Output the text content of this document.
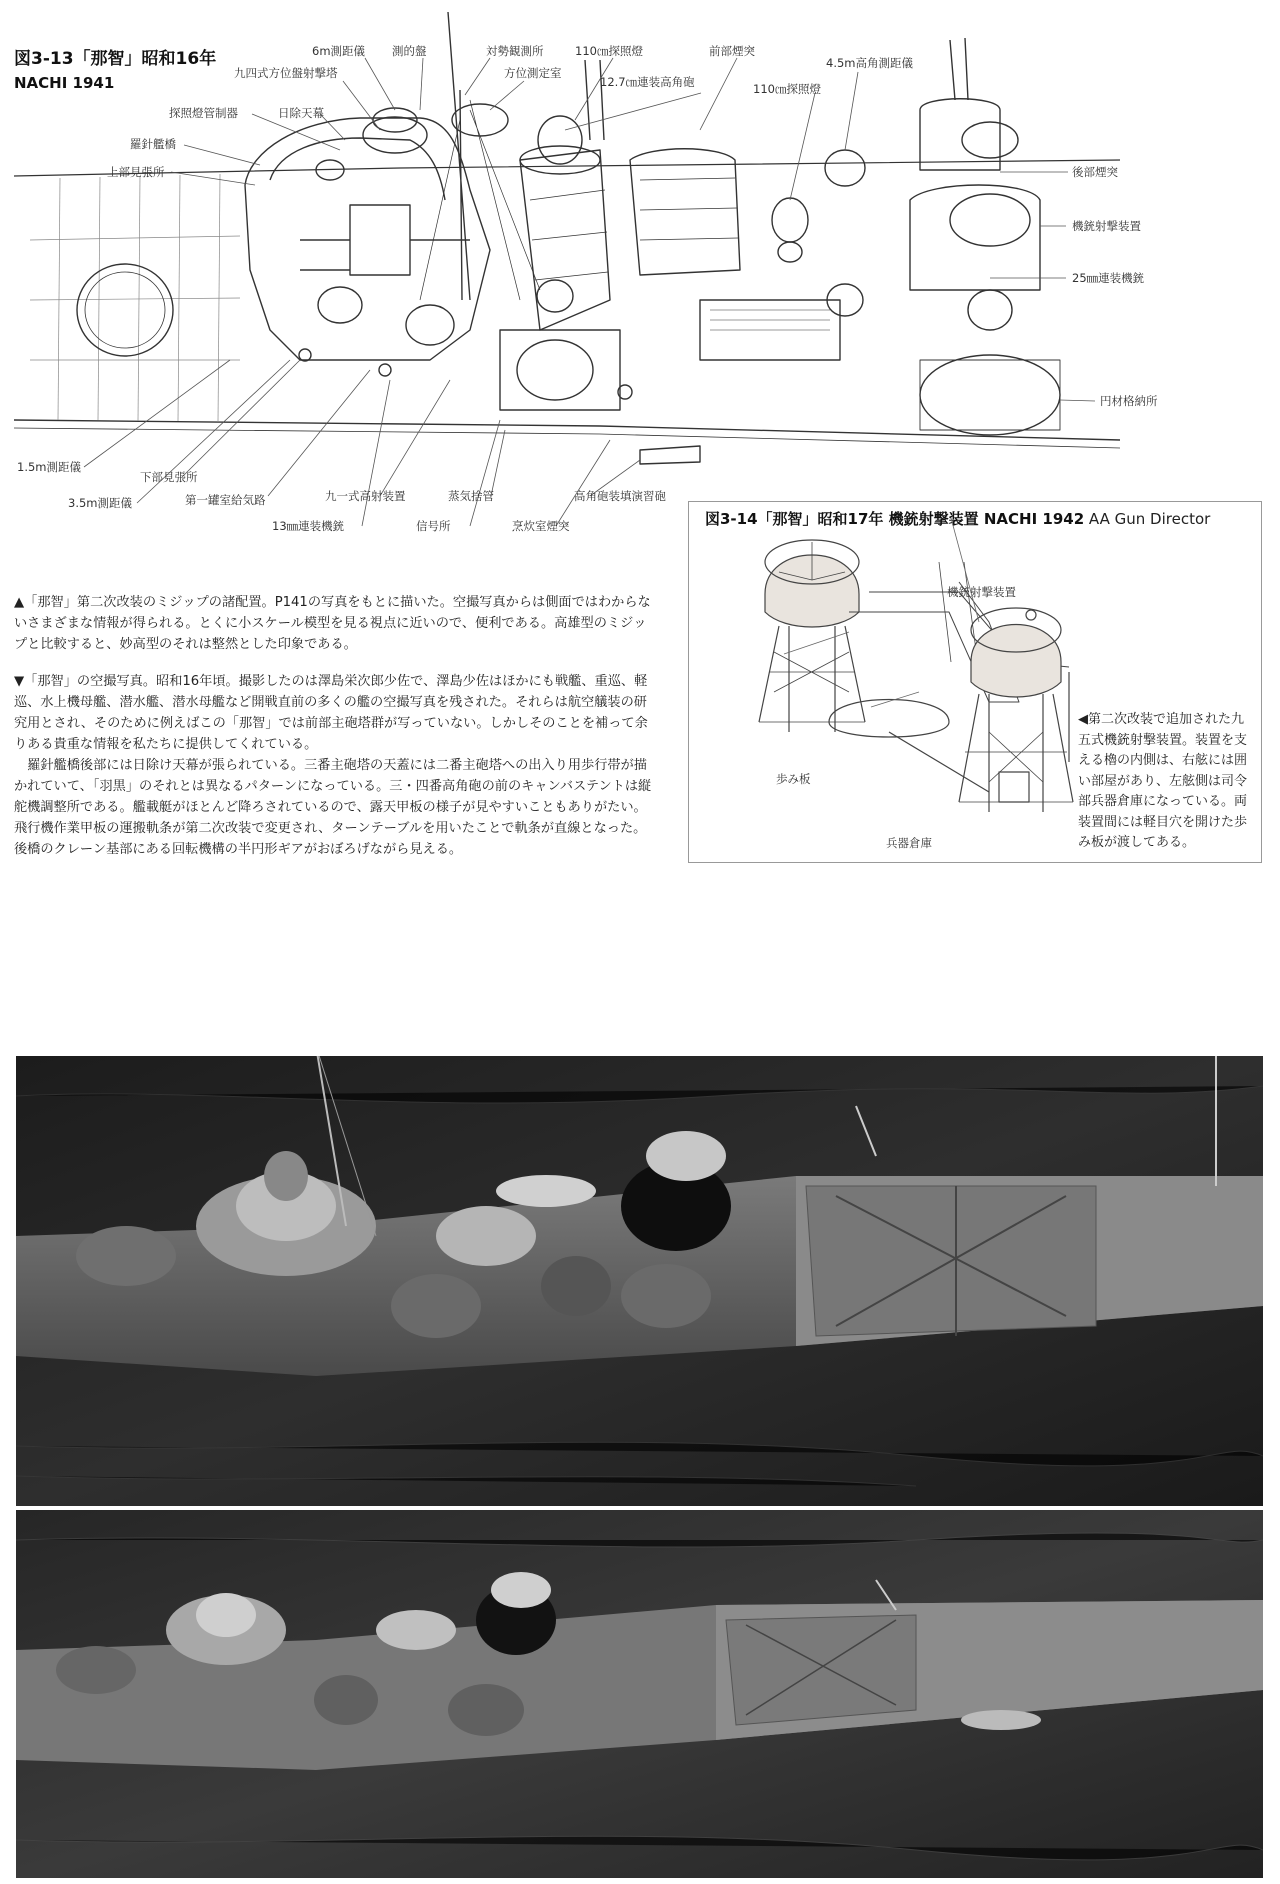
図3-13「那智」昭和16年
NACHI 1941
6m測距儀 測的盤	対勢観測所	110㎝探照燈	前部煙突
4.5m高角測距儀
九四式方位盤射撃塔	方位測定室
12.7㎝連装高角砲	110㎝探照燈
探照燈管制器	日除天幕
羅針艦橋
上部見張所	後部煙突
機銃射撃装置
25㎜連装機銃
円材格納所
1.5m測距儀
下部見張所
3.5m測距儀	第一罐室給気路	九一式高射装置	蒸気捨管	高角砲装填演習砲
13㎜連装機銃	信号所	烹炊室煙突	図3-14「那智」昭和17年 機銃射撃装置 NACHI 1942 AA Gun Director
機銃射撃装置
歩み板
兵器倉庫
◀第二次改装で追加された九五式機銃射撃装置。装置を支える櫓の内側は、右舷には囲い部屋があり、左舷側は司令部兵器倉庫になっている。両装置間には軽目穴を開けた歩み板が渡してある。

▲「那智」第二次改装のミジップの諸配置。P141の写真をもとに描いた。空撮写真からは側面ではわからないさまざまな情報が得られる。とくに小スケール模型を見る視点に近いので、便利である。高雄型のミジップと比較すると、妙高型のそれは整然とした印象である。

▼「那智」の空撮写真。昭和16年頃。撮影したのは澤島栄次郎少佐で、澤島少佐はほかにも戦艦、重巡、軽巡、水上機母艦、潜水艦、潜水母艦など開戦直前の多くの艦の空撮写真を残された。それらは航空艤装の研究用とされ、そのために例えばこの「那智」では前部主砲塔群が写っていない。しかしそのことを補って余りある貴重な情報を私たちに提供してくれている。

羅針艦橋後部には日除け天幕が張られている。三番主砲塔の天蓋には二番主砲塔への出入り用歩行帯が描かれていて、「羽黒」のそれとは異なるパターンになっている。三・四番高角砲の前のキャンバステントは縦舵機調整所である。艦載艇がほとんど降ろされているので、露天甲板の様子が見やすいこともありがたい。飛行機作業甲板の運搬軌条が第二次改装で変更され、ターンテーブルを用いたことで軌条が直線となった。後橋のクレーン基部にある回転機構の半円形ギアがおぼろげながら見える。
